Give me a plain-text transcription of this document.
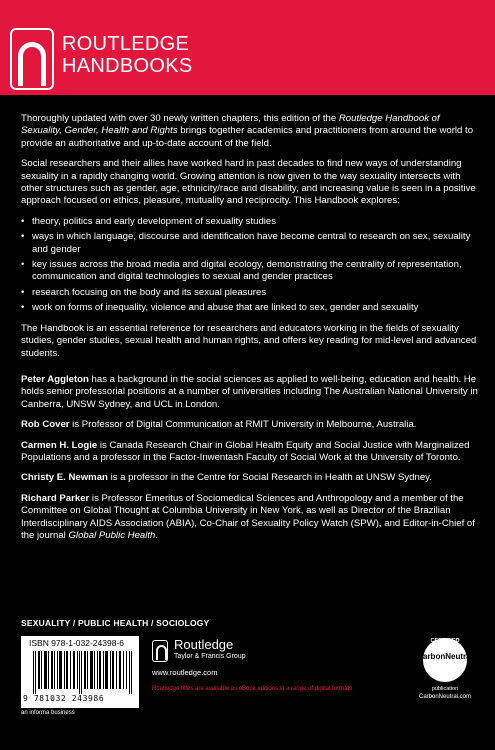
ROUTLEDGE
HANDBOOKS

Thoroughly updated with over 30 newly written chapters, this edition of the Routledge Handbook of Sexuality, Gender, Health and Rights brings together academics and practitioners from around the world to provide an authoritative and up-to-date account of the field.

Social researchers and their allies have worked hard in past decades to find new ways of understanding sexuality in a rapidly changing world. Growing attention is now given to the way sexuality intersects with other structures such as gender, age, ethnicity/race and disability, and increasing value is seen in a positive approach focused on ethics, pleasure, mutuality and reciprocity. This Handbook explores:

• theory, politics and early development of sexuality studies
• ways in which language, discourse and identification have become central to research on sex, sexuality and gender
• key issues across the broad media and digital ecology, demonstrating the centrality of representation, communication and digital technologies to sexual and gender practices
• research focusing on the body and its sexual pleasures
• work on forms of inequality, violence and abuse that are linked to sex, gender and sexuality

The Handbook is an essential reference for researchers and educators working in the fields of sexuality studies, gender studies, sexual health and human rights, and offers key reading for mid-level and advanced students.

Peter Aggleton has a background in the social sciences as applied to well-being, education and health. He holds senior professorial positions at a number of universities including The Australian National University in Canberra, UNSW Sydney, and UCL in London.

Rob Cover is Professor of Digital Communication at RMIT University in Melbourne, Australia.

Carmen H. Logie is Canada Research Chair in Global Health Equity and Social Justice with Marginalized Populations and a professor in the Factor-Inwentash Faculty of Social Work at the University of Toronto.

Christy E. Newman is a professor in the Centre for Social Research in Health at UNSW Sydney.

Richard Parker is Professor Emeritus of Sociomedical Sciences and Anthropology and a member of the Committee on Global Thought at Columbia University in New York, as well as Director of the Brazilian Interdisciplinary AIDS Association (ABIA), Co-Chair of Sexuality Policy Watch (SPW), and Editor-in-Chief of the journal Global Public Health.

SEXUALITY / PUBLIC HEALTH / SOCIOLOGY
ISBN 978-1-032-24398-6
9 781032 243986
Routledge
Taylor & Francis Group
www.routledge.com
Routledge titles are available as eBook editions in a range of digital formats
CERTIFIED
CarbonNeutral
publication
CarbonNeutral.com
an informa business
